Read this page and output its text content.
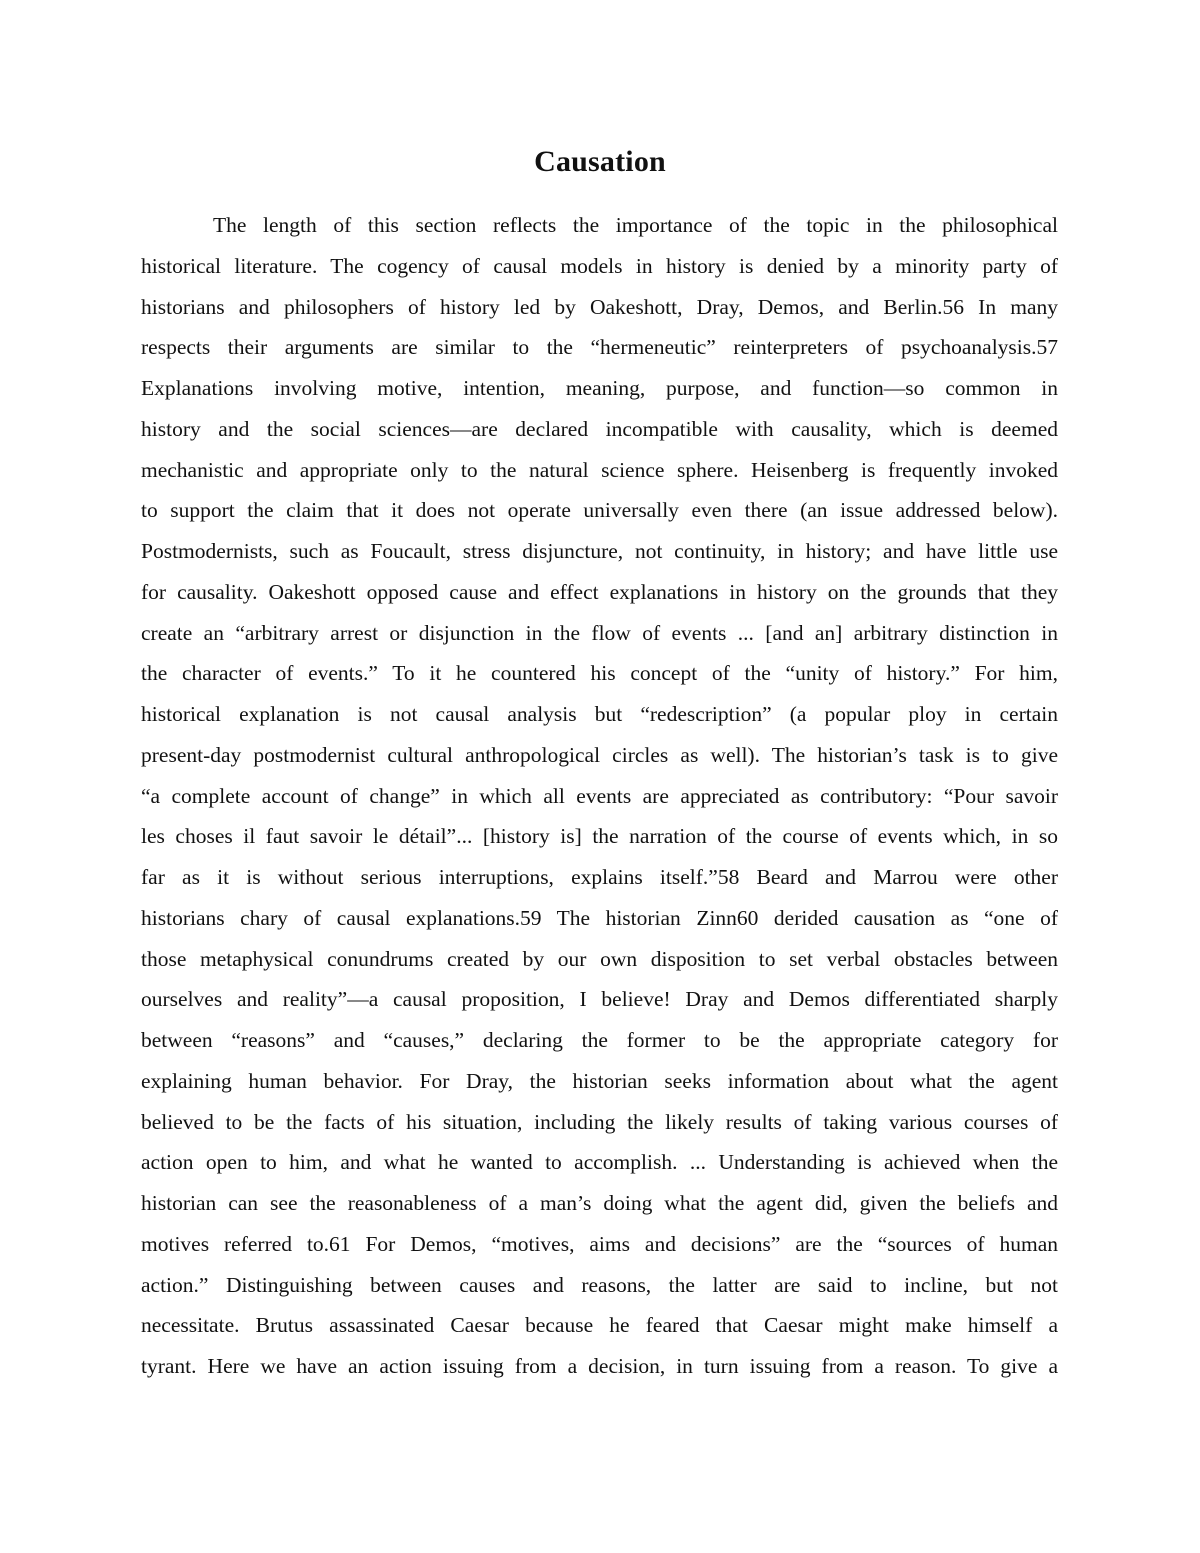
Causation
The length of this section reflects the importance of the topic in the philosophical
historical literature. The cogency of causal models in history is denied by a minority party of
historians and philosophers of history led by Oakeshott, Dray, Demos, and Berlin.56 In many
respects their arguments are similar to the “hermeneutic” reinterpreters of psychoanalysis.57
Explanations involving motive, intention, meaning, purpose, and function—so common in
history and the social sciences—are declared incompatible with causality, which is deemed
mechanistic and appropriate only to the natural science sphere. Heisenberg is frequently invoked
to support the claim that it does not operate universally even there (an issue addressed below).
Postmodernists, such as Foucault, stress disjuncture, not continuity, in history; and have little use
for causality. Oakeshott opposed cause and effect explanations in history on the grounds that they
create an “arbitrary arrest or disjunction in the flow of events ... [and an] arbitrary distinction in
the character of events.” To it he countered his concept of the “unity of history.” For him,
historical explanation is not causal analysis but “redescription” (a popular ploy in certain
present-day postmodernist cultural anthropological circles as well). The historian’s task is to give
“a complete account of change” in which all events are appreciated as contributory: “Pour savoir
les choses il faut savoir le détail”... [history is] the narration of the course of events which, in so
far as it is without serious interruptions, explains itself.”58 Beard and Marrou were other
historians chary of causal explanations.59 The historian Zinn60 derided causation as “one of
those metaphysical conundrums created by our own disposition to set verbal obstacles between
ourselves and reality”—a causal proposition, I believe! Dray and Demos differentiated sharply
between “reasons” and “causes,” declaring the former to be the appropriate category for
explaining human behavior. For Dray, the historian seeks information about what the agent
believed to be the facts of his situation, including the likely results of taking various courses of
action open to him, and what he wanted to accomplish. ... Understanding is achieved when the
historian can see the reasonableness of a man’s doing what the agent did, given the beliefs and
motives referred to.61 For Demos, “motives, aims and decisions” are the “sources of human
action.” Distinguishing between causes and reasons, the latter are said to incline, but not
necessitate. Brutus assassinated Caesar because he feared that Caesar might make himself a
tyrant. Here we have an action issuing from a decision, in turn issuing from a reason. To give a
